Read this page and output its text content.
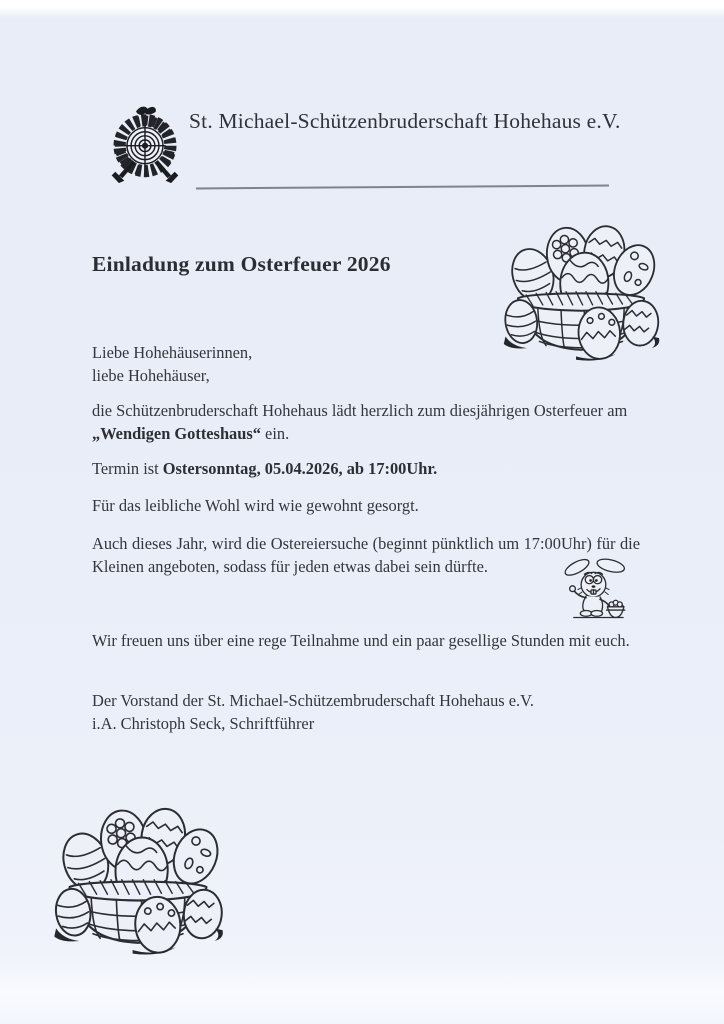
St. Michael-Schützenbruderschaft Hohehaus e.V.
Einladung zum Osterfeuer 2026
Liebe Hohehäuserinnen,
liebe Hohehäuser,
die Schützenbruderschaft Hohehaus lädt herzlich zum diesjährigen Osterfeuer am
„Wendigen Gotteshaus“ ein.
Termin ist Ostersonntag, 05.04.2026, ab 17:00Uhr.
Für das leibliche Wohl wird wie gewohnt gesorgt.
Auch dieses Jahr, wird die Ostereiersuche (beginnt pünktlich um 17:00Uhr) für die Kleinen angeboten, sodass für jeden etwas dabei sein dürfte.
Wir freuen uns über eine rege Teilnahme und ein paar gesellige Stunden mit euch.
Der Vorstand der St. Michael-Schützembruderschaft Hohehaus e.V.
i.A. Christoph Seck, Schriftführer
